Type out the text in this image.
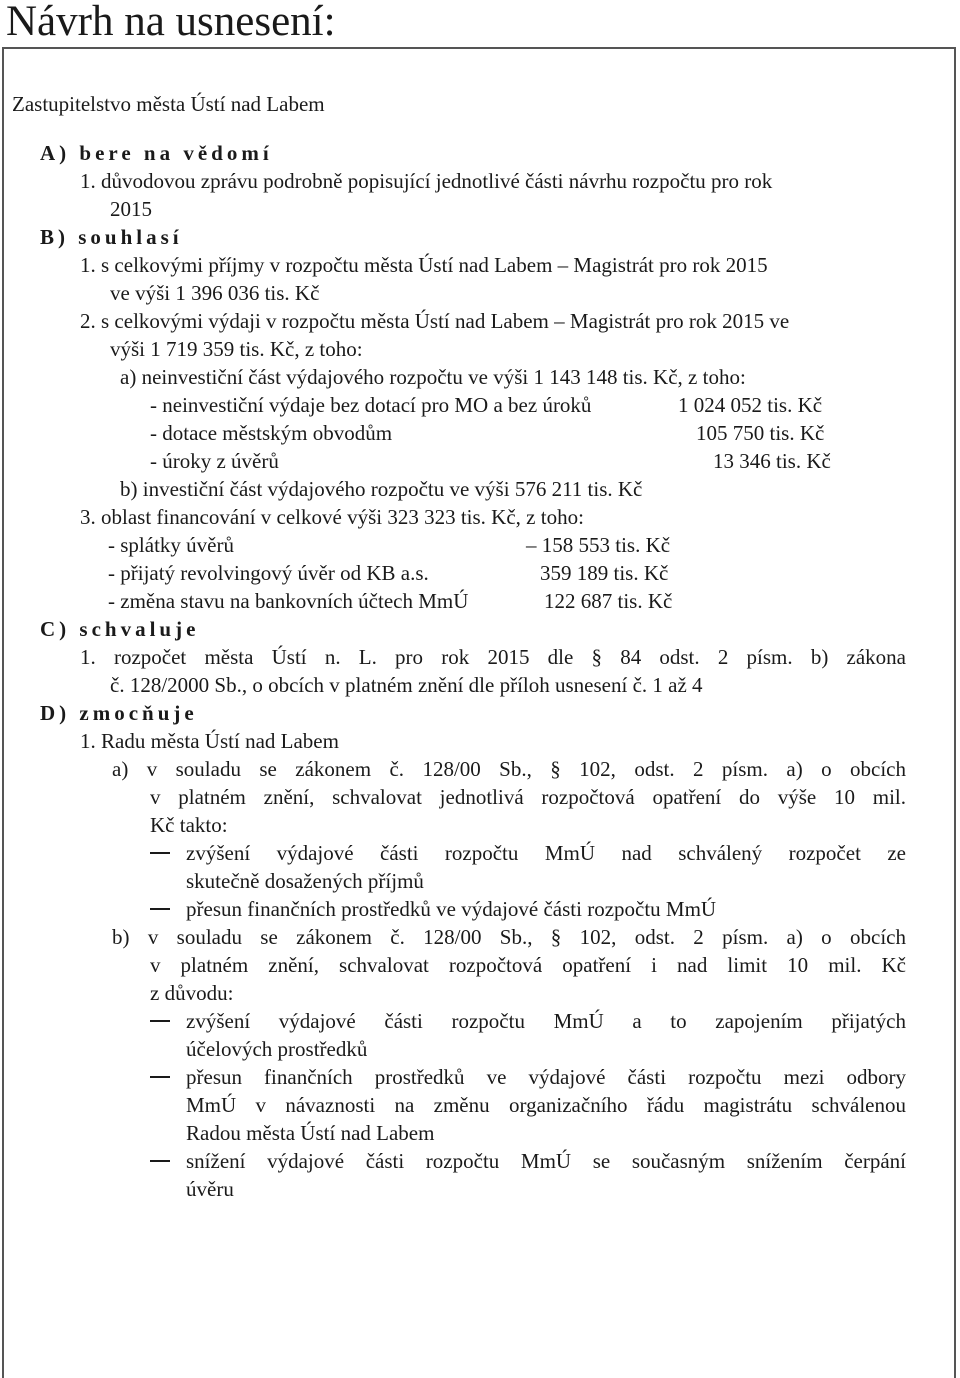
Návrh na usnesení:
Zastupitelstvo města Ústí nad Labem
A) bere na vědomí
1. důvodovou zprávu podrobně popisující jednotlivé části návrhu rozpočtu pro rok
2015
B) souhlasí
1. s celkovými příjmy v rozpočtu města Ústí nad Labem – Magistrát pro rok 2015
ve výši 1 396 036 tis. Kč
2. s celkovými výdaji v rozpočtu města Ústí nad Labem – Magistrát pro rok 2015 ve
výši 1 719 359 tis. Kč, z toho:
a) neinvestiční část výdajového rozpočtu ve výši 1 143 148 tis. Kč, z toho:
- neinvestiční výdaje bez dotací pro MO a bez úroků	1 024 052 tis. Kč
- dotace městským obvodům	105 750 tis. Kč
- úroky z úvěrů	13 346 tis. Kč
b) investiční část výdajového rozpočtu ve výši 576 211 tis. Kč
3. oblast financování v celkové výši 323 323 tis. Kč, z toho:
- splátky úvěrů	– 158 553 tis. Kč
- přijatý revolvingový úvěr od KB a.s.	359 189 tis. Kč
- změna stavu na bankovních účtech MmÚ	122 687 tis. Kč
C) schvaluje
1. rozpočet města Ústí n. L. pro rok 2015 dle § 84 odst. 2 písm. b) zákona
č. 128/2000 Sb., o obcích v platném znění dle příloh usnesení č. 1 až 4
D) zmocňuje
1. Radu města Ústí nad Labem
a) v souladu se zákonem č. 128/00 Sb., § 102, odst. 2 písm. a) o obcích
v platném znění, schvalovat jednotlivá rozpočtová opatření do výše 10 mil.
Kč takto:
zvýšení výdajové části rozpočtu MmÚ nad schválený rozpočet ze
skutečně dosažených příjmů
přesun finančních prostředků ve výdajové části rozpočtu MmÚ
b) v souladu se zákonem č. 128/00 Sb., § 102, odst. 2 písm. a) o obcích
v platném znění, schvalovat rozpočtová opatření i nad limit 10 mil. Kč
z důvodu:
zvýšení výdajové části rozpočtu MmÚ a to zapojením přijatých
účelových prostředků
přesun finančních prostředků ve výdajové části rozpočtu mezi odbory
MmÚ v návaznosti na změnu organizačního řádu magistrátu schválenou
Radou města Ústí nad Labem
snížení výdajové části rozpočtu MmÚ se současným snížením čerpání
úvěru
